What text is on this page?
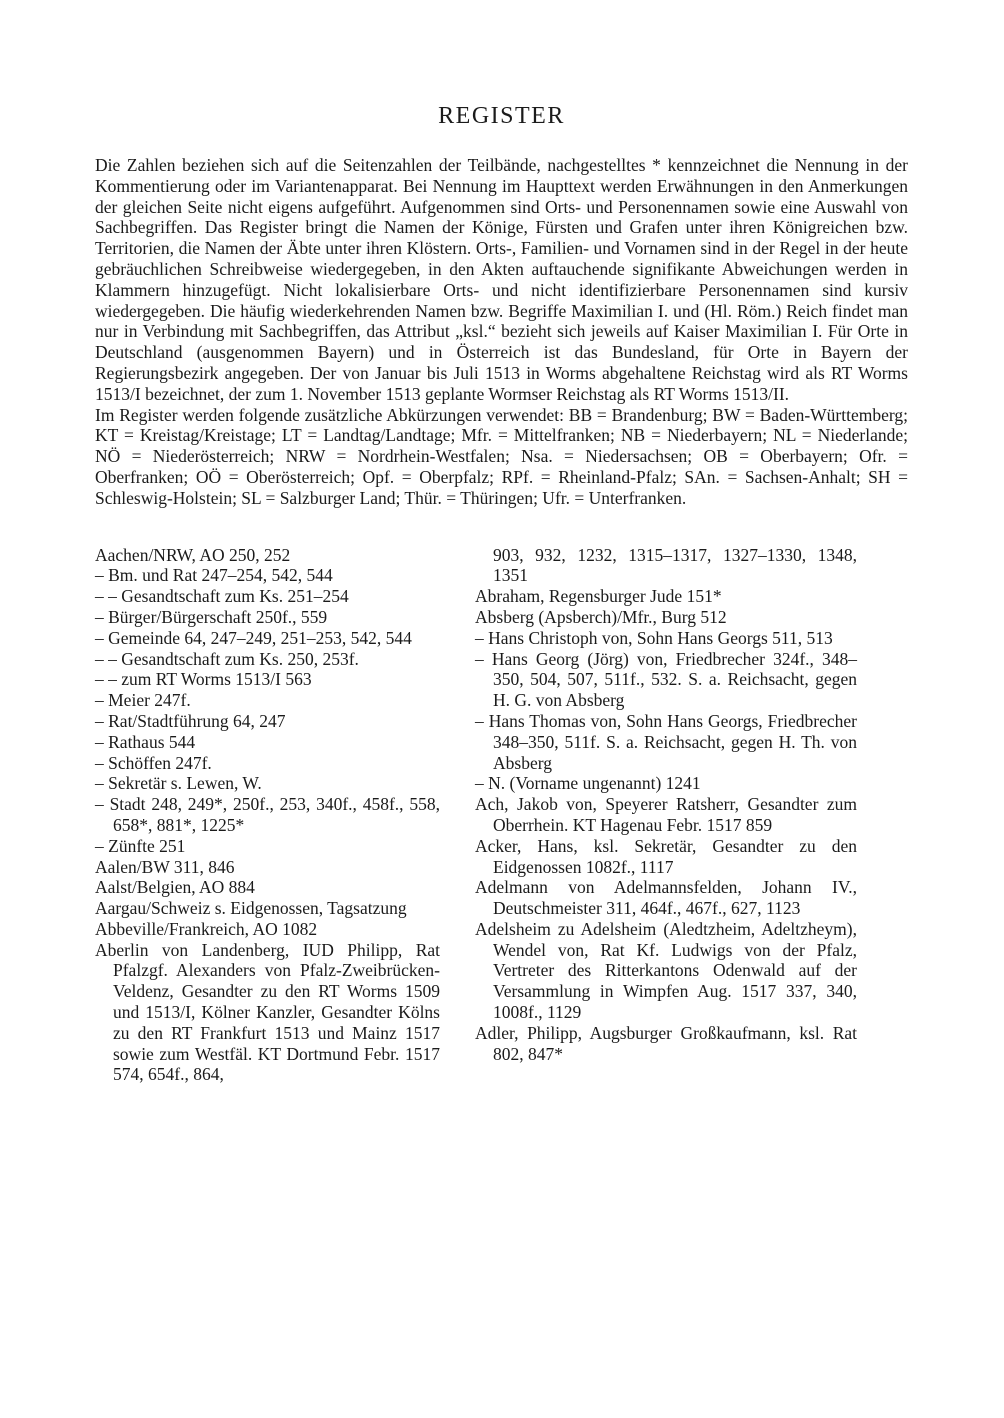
REGISTER

Die Zahlen beziehen sich auf die Seitenzahlen der Teilbände, nachgestelltes * kennzeichnet die Nennung in der Kommentierung oder im Variantenapparat. Bei Nennung im Haupttext werden Erwähnungen in den Anmerkungen der gleichen Seite nicht eigens aufgeführt. Aufgenommen sind Orts- und Personennamen sowie eine Auswahl von Sachbegriffen. Das Register bringt die Namen der Könige, Fürsten und Grafen unter ihren Königreichen bzw. Territorien, die Namen der Äbte unter ihren Klöstern. Orts-, Familien- und Vornamen sind in der Regel in der heute gebräuchlichen Schreibweise wiedergegeben, in den Akten auftauchende signifikante Abweichungen werden in Klammern hinzugefügt. Nicht lokalisierbare Orts- und nicht identifizierbare Personennamen sind kursiv wiedergegeben. Die häufig wiederkehrenden Namen bzw. Begriffe Maximilian I. und (Hl. Röm.) Reich findet man nur in Verbindung mit Sachbegriffen, das Attribut „ksl.“ bezieht sich jeweils auf Kaiser Maximilian I. Für Orte in Deutschland (ausgenommen Bayern) und in Österreich ist das Bundesland, für Orte in Bayern der Regierungsbezirk angegeben. Der von Januar bis Juli 1513 in Worms abgehaltene Reichstag wird als RT Worms 1513/I bezeichnet, der zum 1. November 1513 geplante Wormser Reichstag als RT Worms 1513/II.

Im Register werden folgende zusätzliche Abkürzungen verwendet: BB = Brandenburg; BW = Baden-Württemberg; KT = Kreistag/Kreistage; LT = Landtag/Landtage; Mfr. = Mittelfranken; NB = Niederbayern; NL = Niederlande; NÖ = Niederösterreich; NRW = Nordrhein-Westfalen; Nsa. = Niedersachsen; OB = Oberbayern; Ofr. = Oberfranken; OÖ = Oberösterreich; Opf. = Oberpfalz; RPf. = Rheinland-Pfalz; SAn. = Sachsen-Anhalt; SH = Schleswig-Holstein; SL = Salzburger Land; Thür. = Thüringen; Ufr. = Unterfranken.

Aachen/NRW, AO 250, 252
– Bm. und Rat 247–254, 542, 544
– – Gesandtschaft zum Ks. 251–254
– Bürger/Bürgerschaft 250f., 559
– Gemeinde 64, 247–249, 251–253, 542, 544
– – Gesandtschaft zum Ks. 250, 253f.
– – zum RT Worms 1513/I 563
– Meier 247f.
– Rat/Stadtführung 64, 247
– Rathaus 544
– Schöffen 247f.
– Sekretär s. Lewen, W.
– Stadt 248, 249*, 250f., 253, 340f., 458f., 558, 658*, 881*, 1225*
– Zünfte 251
Aalen/BW 311, 846
Aalst/Belgien, AO 884
Aargau/Schweiz s. Eidgenossen, Tagsatzung
Abbeville/Frankreich, AO 1082
Aberlin von Landenberg, IUD Philipp, Rat Pfalzgf. Alexanders von Pfalz-Zweibrücken-Veldenz, Gesandter zu den RT Worms 1509 und 1513/I, Kölner Kanzler, Gesandter Kölns zu den RT Frankfurt 1513 und Mainz 1517 sowie zum Westfäl. KT Dortmund Febr. 1517 574, 654f., 864,
903, 932, 1232, 1315–1317, 1327–1330, 1348, 1351
Abraham, Regensburger Jude 151*
Absberg (Apsberch)/Mfr., Burg 512
– Hans Christoph von, Sohn Hans Georgs 511, 513
– Hans Georg (Jörg) von, Friedbrecher 324f., 348–350, 504, 507, 511f., 532. S. a. Reichsacht, gegen H. G. von Absberg
– Hans Thomas von, Sohn Hans Georgs, Friedbrecher 348–350, 511f. S. a. Reichsacht, gegen H. Th. von Absberg
– N. (Vorname ungenannt) 1241
Ach, Jakob von, Speyerer Ratsherr, Gesandter zum Oberrhein. KT Hagenau Febr. 1517 859
Acker, Hans, ksl. Sekretär, Gesandter zu den Eidgenossen 1082f., 1117
Adelmann von Adelmannsfelden, Johann IV., Deutschmeister 311, 464f., 467f., 627, 1123
Adelsheim zu Adelsheim (Aledtzheim, Adeltzheym), Wendel von, Rat Kf. Ludwigs von der Pfalz, Vertreter des Ritterkantons Odenwald auf der Versammlung in Wimpfen Aug. 1517 337, 340, 1008f., 1129
Adler, Philipp, Augsburger Großkaufmann, ksl. Rat 802, 847*
